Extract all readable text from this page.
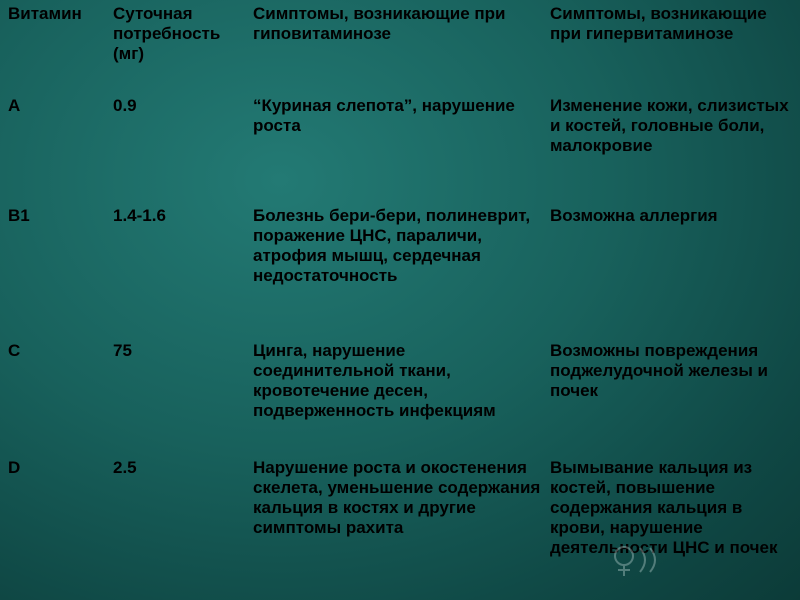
Витамин	Суточная потребность (мг)	Симптомы, возникающие при гиповитаминозе	Симптомы, возникающие при гипервитаминозе
A	0.9	“Куриная слепота”, нарушение роста	Изменение кожи, слизистых и костей, головные боли, малокровие
B1	1.4-1.6	Болезнь бери-бери, полиневрит, поражение ЦНС, параличи, атрофия мышц, сердечная недостаточность	Возможна аллергия
C	75	Цинга, нарушение соединительной ткани, кровотечение десен, подверженность инфекциям	Возможны повреждения поджелудочной железы и почек
D	2.5	Нарушение роста и окостенения скелета, уменьшение содержания кальция в костях и другие симптомы рахита	Вымывание кальция из костей, повышение содержания кальция в крови, нарушение деятельности ЦНС и почек
